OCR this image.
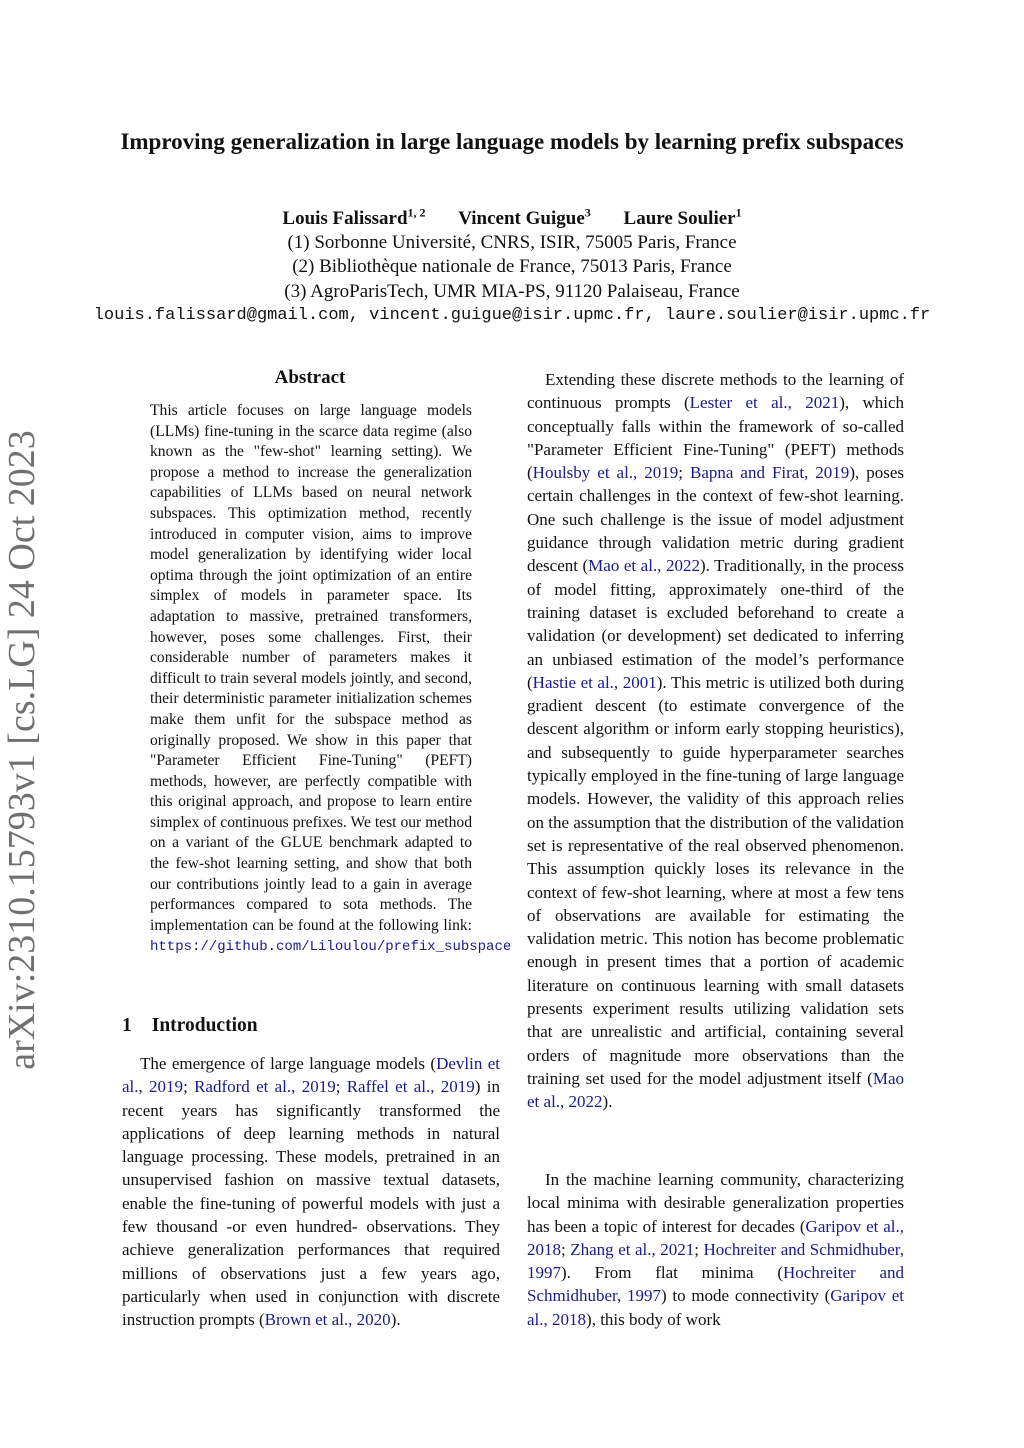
arXiv:2310.15793v1 [cs.LG] 24 Oct 2023
Improving generalization in large language models by learning prefix subspaces
Louis Falissard$^{1, 2}$ Vincent Guigue$^3$ Laure Soulier$^1$
(1) Sorbonne Université, CNRS, ISIR, 75005 Paris, France
(2) Bibliothèque nationale de France, 75013 Paris, France
(3) AgroParisTech, UMR MIA-PS, 91120 Palaiseau, France
louis.falissard@gmail.com, vincent.guigue@isir.upmc.fr, laure.soulier@isir.upmc.fr
Abstract
This article focuses on large language models (LLMs) fine-tuning in the scarce data regime (also known as the "few-shot" learning setting). We propose a method to increase the generalization capabilities of LLMs based on neural network subspaces. This optimization method, recently introduced in computer vision, aims to improve model generalization by identifying wider local optima through the joint optimization of an entire simplex of models in parameter space. Its adaptation to massive, pretrained transformers, however, poses some challenges. First, their considerable number of parameters makes it difficult to train several models jointly, and second, their deterministic parameter initialization schemes make them unfit for the subspace method as originally proposed. We show in this paper that "Parameter Efficient Fine-Tuning" (PEFT) methods, however, are perfectly compatible with this original approach, and propose to learn entire simplex of continuous prefixes. We test our method on a variant of the GLUE benchmark adapted to the few-shot learning setting, and show that both our contributions jointly lead to a gain in average performances compared to sota methods. The implementation can be found at the following link: https://github.com/Liloulou/prefix_subspace
1 Introduction

The emergence of large language models (Devlin et al., 2019; Radford et al., 2019; Raffel et al., 2019) in recent years has significantly transformed the applications of deep learning methods in natural language processing. These models, pretrained in an unsupervised fashion on massive textual datasets, enable the fine-tuning of powerful models with just a few thousand -or even hundred- observations. They achieve generalization performances that required millions of observations just a few years ago, particularly when used in conjunction with discrete instruction prompts (Brown et al., 2020).

Extending these discrete methods to the learning of continuous prompts (Lester et al., 2021), which conceptually falls within the framework of so-called "Parameter Efficient Fine-Tuning" (PEFT) methods (Houlsby et al., 2019; Bapna and Firat, 2019), poses certain challenges in the context of few-shot learning. One such challenge is the issue of model adjustment guidance through validation metric during gradient descent (Mao et al., 2022). Traditionally, in the process of model fitting, approximately one-third of the training dataset is excluded beforehand to create a validation (or development) set dedicated to inferring an unbiased estimation of the model’s performance (Hastie et al., 2001). This metric is utilized both during gradient descent (to estimate convergence of the descent algorithm or inform early stopping heuristics), and subsequently to guide hyperparameter searches typically employed in the fine-tuning of large language models. However, the validity of this approach relies on the assumption that the distribution of the validation set is representative of the real observed phenomenon. This assumption quickly loses its relevance in the context of few-shot learning, where at most a few tens of observations are available for estimating the validation metric. This notion has become problematic enough in present times that a portion of academic literature on continuous learning with small datasets presents experiment results utilizing validation sets that are unrealistic and artificial, containing several orders of magnitude more observations than the training set used for the model adjustment itself (Mao et al., 2022).

In the machine learning community, characterizing local minima with desirable generalization properties has been a topic of interest for decades (Garipov et al., 2018; Zhang et al., 2021; Hochreiter and Schmidhuber, 1997). From flat minima (Hochreiter and Schmidhuber, 1997) to mode connectivity (Garipov et al., 2018), this body of work
